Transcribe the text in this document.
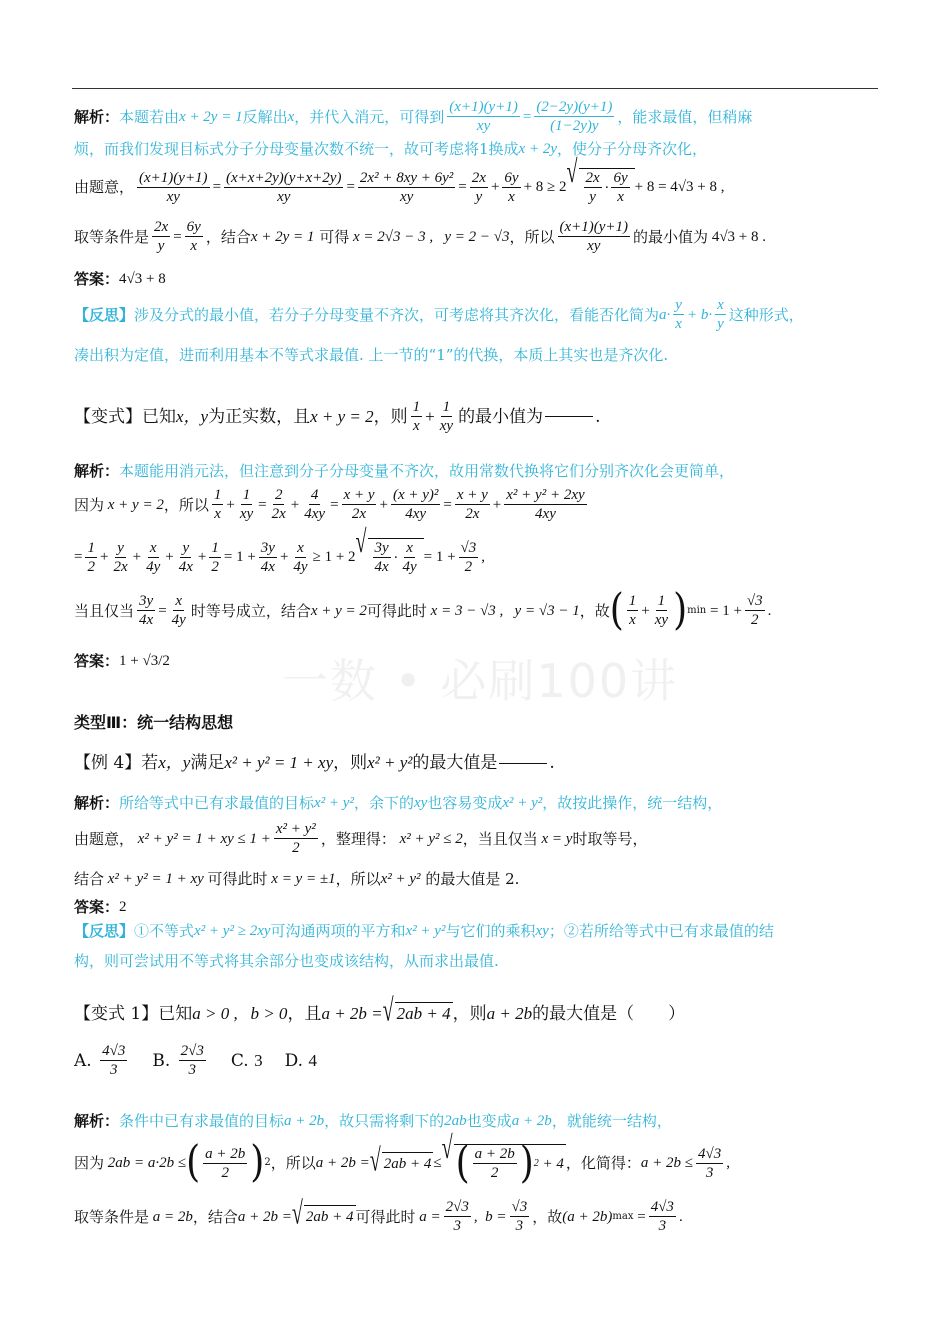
一数 • 必刷100讲
解析： 本题若由 x + 2y = 1 反解出 x ，并代入消元，可得到 $\frac{(x+1)(y+1)}{xy} = \frac{(2-2y)(y+1)}{(1-2y)y}$ ，能求最值，但稍麻
烦，而我们发现目标式分子分母变量次数不统一，故可考虑将1换成 x + 2y ，使分子分母齐次化，
由题意， $\frac{(x+1)(y+1)}{xy} = \frac{(x+x+2y)(y+x+2y)}{xy} = \frac{\text{2x² + 8xy + 6y²}}{xy} = \frac{2x}{y} + \frac{6y}{x} + 8 \ge 2$ √ $\frac{2x}{y} \cdot \frac{6y}{x} + 8 = 4√3 + 8$ ,
取等条件是 $\frac{2x}{y} = \frac{6y}{x}$ ，结合 x + 2y = 1
可得 x = 2√3 − 3 ,   y = 2 − √3 ，所以 $\frac{(x+1)(y+1)}{xy}$ 的最小值为 4√3 + 8 .
答案： 4√3 + 8
【反思】 涉及分式的最小值，若分子分母变量不齐次，可考虑将其齐次化，看能否化简为 $a\cdot \frac{y}{x} + b\cdot \frac{x}{y}$ 这种形式，
凑出积为定值，进而利用基本不等式求最值. 上一节的“1”的代换，本质上其实也是齐次化.
【变式】 已知 x，y 为正实数，且 x + y = 2 ，则 $\frac{1}{x} + \frac{1}{xy}$ 的最小值为	.
解析： 本题能用消元法，但注意到分子分母变量不齐次，故用常数代换将它们分别齐次化会更简单，
因为 x + y = 2 ，所以 $\frac{1}{x} + \frac{1}{xy} = \frac{2}{2x} + \frac{4}{4xy} = \frac{x + y}{2x} + \frac{\text{(x + y)²}}{4xy} = \frac{x + y}{2x} + \frac{\text{x² + y² + 2xy}}{4xy}$
= $\frac{1}{2} + \frac{y}{2x} + \frac{x}{4y} + \frac{y}{4x} + \frac{1}{2} = 1 + \frac{3y}{4x} + \frac{x}{4y} \ge 1 + 2$ √ $\frac{3y}{4x} \cdot \frac{x}{4y} = 1 + \frac{√3}{2}$ ,
当且仅当 $\frac{3y}{4x} = \frac{x}{4y}$ 时等号成立，结合 x + y = 2 可得此时 x = 3 − √3 ,   y = √3 − 1 ，故 ( $\frac{1}{x} + \frac{1}{xy}$ ) $\min = 1 + \frac{√3}{2}$ .
答案： 1 + √3/2
类型Ⅲ：统一结构思想
【例 4】 若 x，y 满足 x² + y² = 1 + xy ，则 x² + y² 的最大值是	.
解析： 所给等式中已有求最值的目标 x² + y² ，余下的 xy 也容易变成 x² + y² ，故按此操作，统一结构，
由题意， x² + y² = 1 + xy ≤ $1 + \frac{\text{x² + y²}}{2}$ ，整理得： x² + y² ≤ 2 ，当且仅当 x = y 时取等号，
结合 x² + y² = 1 + xy 可得此时 x = y = ±1 ，所以 x² + y²
的最大值是 2.
答案： 2
【反思】 ①不等式 x² + y² ≥ 2xy 可沟通两项的平方和 x² + y² 与它们的乘积 xy ；②若所给等式中已有求最值的结
构，则可尝试用不等式将其余部分也变成该结构，从而求出最值.
【变式 1】 已知 a > 0 ,   b > 0 ，且 a + 2b = √ 2ab + 4 ，则 a + 2b 的最大值是（　　）
A.
$\frac{4√3}{3} B$.
$\frac{2√3}{3} C$. 3 D. 4
解析： 条件中已有求最值的目标 a + 2b ，故只需将剩下的 2ab 也变成 a + 2b ，就能统一结构，
因为 2ab = a·2b ≤ ( $\frac{a + 2b}{2}$ ) 2 ，所以 a + 2b = √ 2ab + 4 ≤ √ ( $\frac{a + 2b}{2}$ ) 2 + 4 ，化简得： $a + 2b \le \frac{4√3}{3}$ ,
取等条件是 a = 2b ，结合 a + 2b = √ 2ab + 4 可得此时 $a = \frac{2√3}{3}$ , $b = \frac{√3}{3}$ ，故 (a + 2b) $\max = \frac{4√3}{3}$ .
